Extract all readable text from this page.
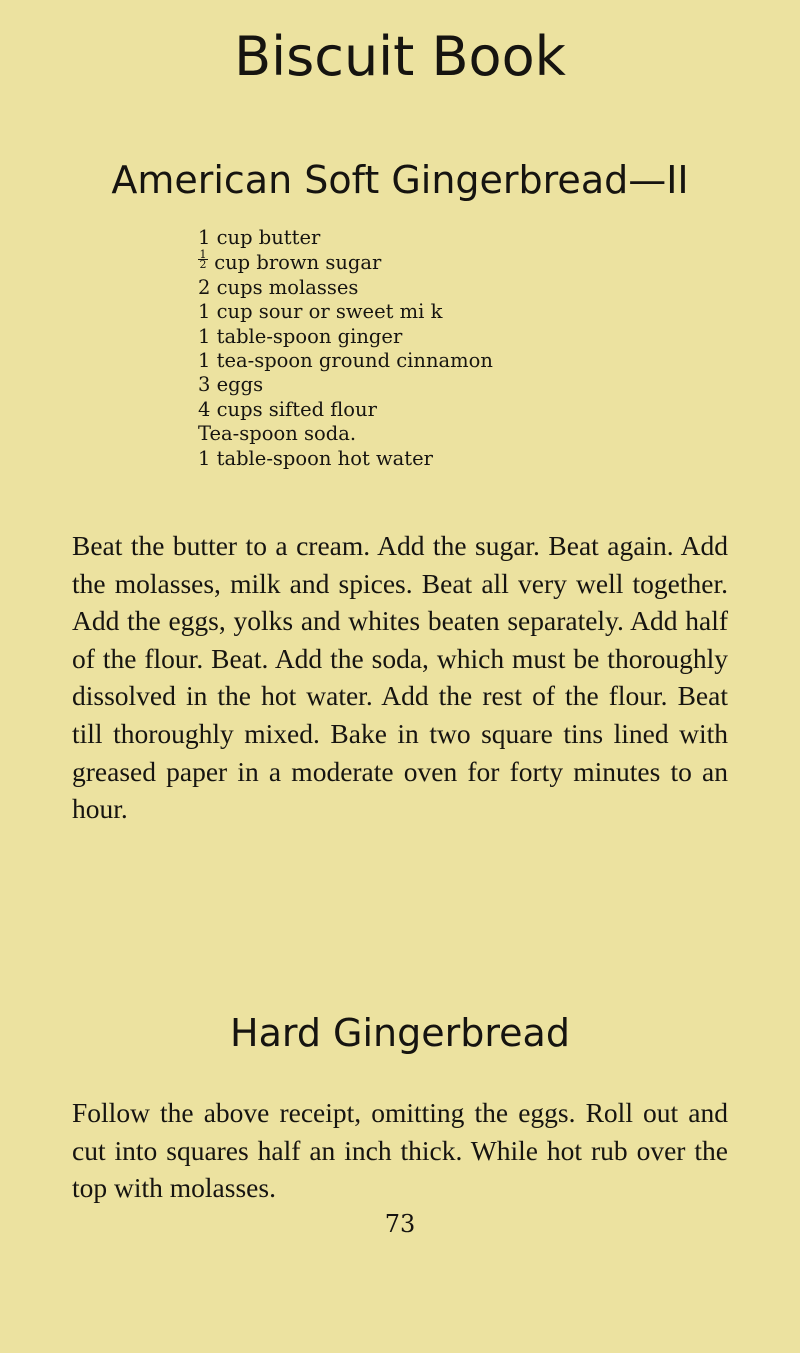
Biscuit Book
American Soft Gingerbread—II
1 cup butter
$\frac{1}{2}$ cup brown sugar
2 cups molasses
1 cup sour or sweet mi k
1 table-spoon ginger
1 tea-spoon ground cinnamon
3 eggs
4 cups sifted flour
Tea-spoon soda.
1 table-spoon hot water

Beat the butter to a cream. Add the sugar. Beat again. Add the molasses, milk and spices. Beat all very well together. Add the eggs, yolks and whites beaten separately. Add half of the flour. Beat. Add the soda, which must be thoroughly dissolved in the hot water. Add the rest of the flour. Beat till thoroughly mixed. Bake in two square tins lined with greased paper in a moderate oven for forty minutes to an hour.

Hard Gingerbread

Follow the above receipt, omitting the eggs. Roll out and cut into squares half an inch thick. While hot rub over the top with molasses.

73
